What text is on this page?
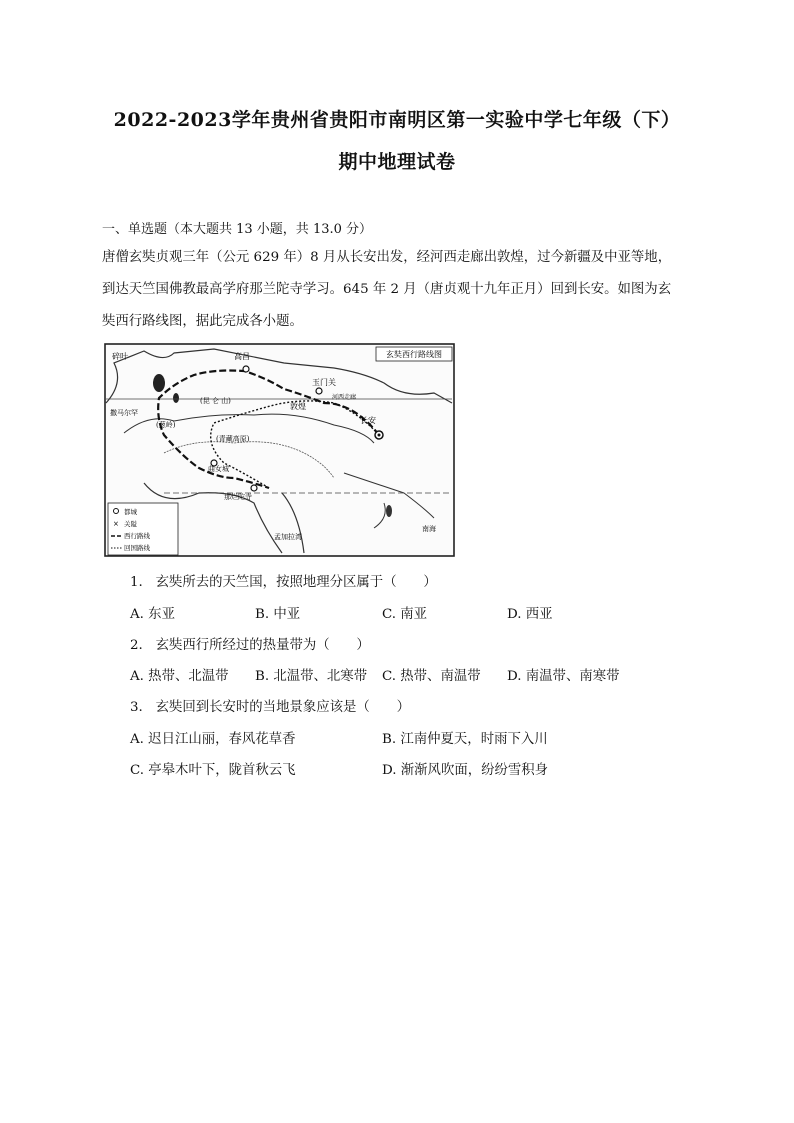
2022-2023学年贵州省贵阳市南明区第一实验中学七年级（下）
期中地理试卷
一、单选题（本大题共 13 小题，共 13.0 分）
唐僧玄奘贞观三年（公元 629 年）8 月从长安出发，经河西走廊出敦煌，过今新疆及中亚等地，
到达天竺国佛教最高学府那兰陀寺学习。645 年 2 月（唐贞观十九年正月）回到长安。如图为玄
奘西行路线图，据此完成各小题。
玄奘西行路线图
碎叶	高昌
玉门关
敦煌
长安
(昆 仑 山)
(葱岭)
(青藏高原)
撒马尔罕
曲女城
那烂陀寺
孟加拉湾
南海
河西走廊
都城
× 关隘
西行路线
回国路线
1. 玄奘所去的天竺国，按照地理分区属于（　　）
A. 东亚	B. 中亚	C. 南亚	D. 西亚
2. 玄奘西行所经过的热量带为（　　）
A. 热带、北温带 B. 北温带、北寒带 C. 热带、南温带 D. 南温带、南寒带
3. 玄奘回到长安时的当地景象应该是（　　）
A. 迟日江山丽，春风花草香	B. 江南仲夏天，时雨下入川
C. 亭皋木叶下，陇首秋云飞	D. 渐渐风吹面，纷纷雪积身
